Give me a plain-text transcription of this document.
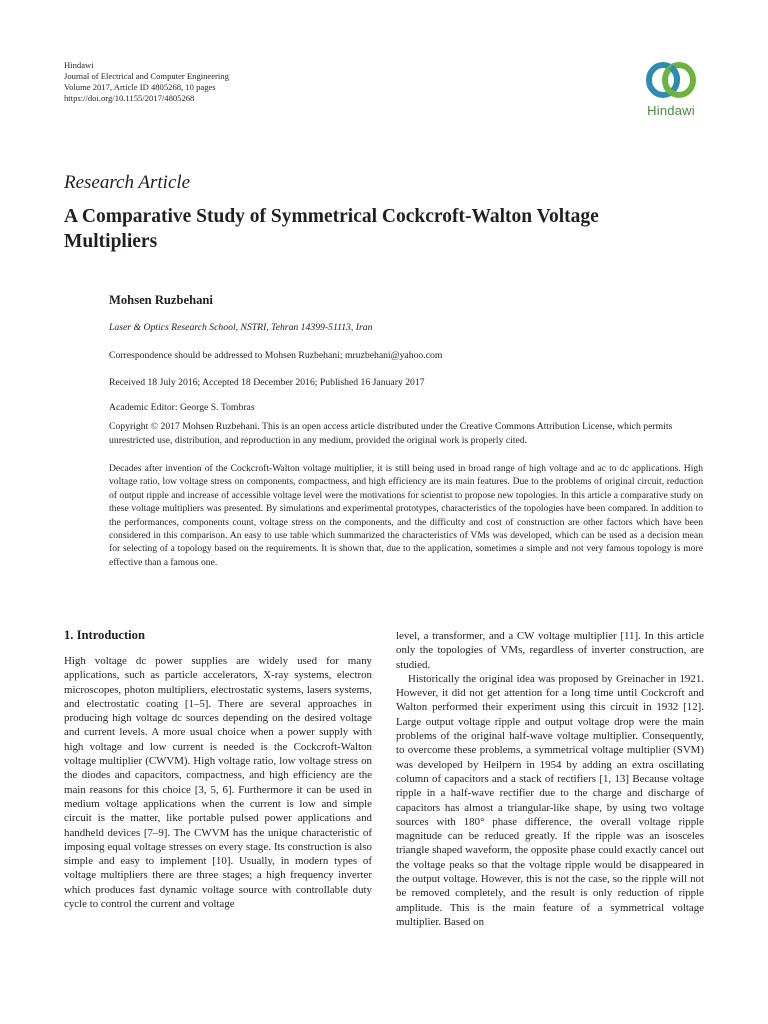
Hindawi
Journal of Electrical and Computer Engineering
Volume 2017, Article ID 4805268, 10 pages
https://doi.org/10.1155/2017/4805268
Hindawi
Research Article
A Comparative Study of Symmetrical Cockcroft-Walton Voltage Multipliers
Mohsen Ruzbehani
Laser & Optics Research School, NSTRI, Tehran 14399-51113, Iran
Correspondence should be addressed to Mohsen Ruzbehani; mruzbehani@yahoo.com
Received 18 July 2016; Accepted 18 December 2016; Published 16 January 2017
Academic Editor: George S. Tombras
Copyright © 2017 Mohsen Ruzbehani. This is an open access article distributed under the Creative Commons Attribution License, which permits unrestricted use, distribution, and reproduction in any medium, provided the original work is properly cited.
Decades after invention of the Cockcroft-Walton voltage multiplier, it is still being used in broad range of high voltage and ac to dc applications. High voltage ratio, low voltage stress on components, compactness, and high efficiency are its main features. Due to the problems of original circuit, reduction of output ripple and increase of accessible voltage level were the motivations for scientist to propose new topologies. In this article a comparative study on these voltage multipliers was presented. By simulations and experimental prototypes, characteristics of the topologies have been compared. In addition to the performances, components count, voltage stress on the components, and the difficulty and cost of construction are other factors which have been considered in this comparison. An easy to use table which summarized the characteristics of VMs was developed, which can be used as a decision mean for selecting of a topology based on the requirements. It is shown that, due to the application, sometimes a simple and not very famous topology is more effective than a famous one.
1. Introduction

High voltage dc power supplies are widely used for many applications, such as particle accelerators, X-ray systems, electron microscopes, photon multipliers, electrostatic systems, lasers systems, and electrostatic coating [1–5]. There are several approaches in producing high voltage dc sources depending on the desired voltage and current levels. A more usual choice when a power supply with high voltage and low current is needed is the Cockcroft-Walton voltage multiplier (CWVM). High voltage ratio, low voltage stress on the diodes and capacitors, compactness, and high efficiency are the main reasons for this choice [3, 5, 6]. Furthermore it can be used in medium voltage applications when the current is low and simple circuit is the matter, like portable pulsed power applications and handheld devices [7–9]. The CWVM has the unique characteristic of imposing equal voltage stresses on every stage. Its construction is also simple and easy to implement [10]. Usually, in modern types of voltage multipliers there are three stages; a high frequency inverter which produces fast dynamic voltage source with controllable duty cycle to control the current and voltage

level, a transformer, and a CW voltage multiplier [11]. In this article only the topologies of VMs, regardless of inverter construction, are studied.

Historically the original idea was proposed by Greinacher in 1921. However, it did not get attention for a long time until Cockcroft and Walton performed their experiment using this circuit in 1932 [12]. Large output voltage ripple and output voltage drop were the main problems of the original half-wave voltage multiplier. Consequently, to overcome these problems, a symmetrical voltage multiplier (SVM) was developed by Heilpern in 1954 by adding an extra oscillating column of capacitors and a stack of rectifiers [1, 13] Because voltage ripple in a half-wave rectifier due to the charge and discharge of capacitors has almost a triangular-like shape, by using two voltage sources with 180° phase difference, the overall voltage ripple magnitude can be reduced greatly. If the ripple was an isosceles triangle shaped waveform, the opposite phase could exactly cancel out the voltage peaks so that the voltage ripple would be disappeared in the output voltage. However, this is not the case, so the ripple will not be removed completely, and the result is only reduction of ripple amplitude. This is the main feature of a symmetrical voltage multiplier. Based on
